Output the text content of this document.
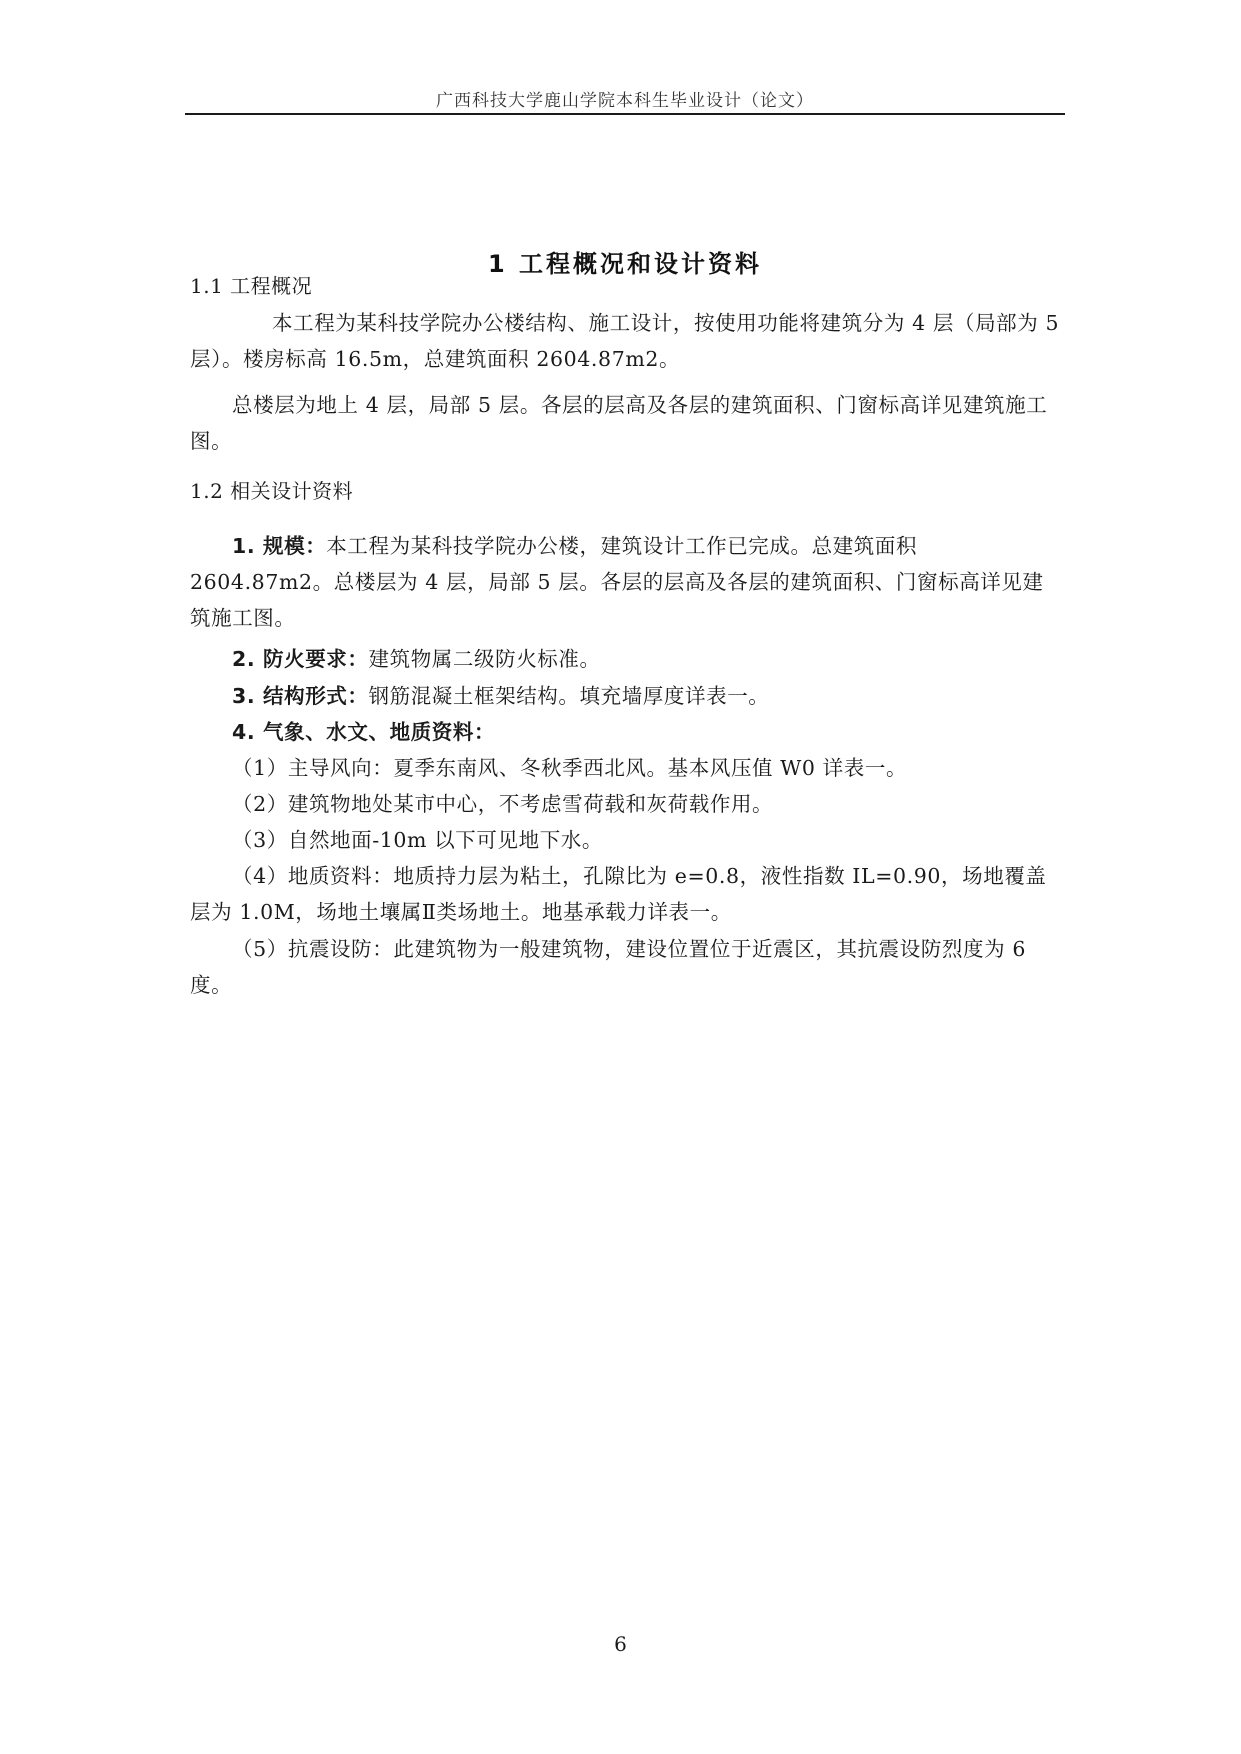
广西科技大学鹿山学院本科生毕业设计（论文）
1 工程概况和设计资料

1.1 工程概况

本工程为某科技学院办公楼结构、施工设计，按使用功能将建筑分为 4 层（局部为 5 层）。楼房标高 16.5m，总建筑面积 2604.87m2。

总楼层为地上 4 层，局部 5 层。各层的层高及各层的建筑面积、门窗标高详见建筑施工图。

1.2 相关设计资料

1. 规模：本工程为某科技学院办公楼，建筑设计工作已完成。总建筑面积 2604.87m2。总楼层为 4 层，局部 5 层。各层的层高及各层的建筑面积、门窗标高详见建筑施工图。

2. 防火要求：建筑物属二级防火标准。

3. 结构形式：钢筋混凝土框架结构。填充墙厚度详表一。

4. 气象、水文、地质资料：

（1）主导风向：夏季东南风、冬秋季西北风。基本风压值 W0 详表一。

（2）建筑物地处某市中心，不考虑雪荷载和灰荷载作用。

（3）自然地面-10m 以下可见地下水。

（4）地质资料：地质持力层为粘土，孔隙比为 e=0.8，液性指数 IL=0.90，场地覆盖层为 1.0M，场地土壤属Ⅱ类场地土。地基承载力详表一。

（5）抗震设防：此建筑物为一般建筑物，建设位置位于近震区，其抗震设防烈度为 6 度。

6
